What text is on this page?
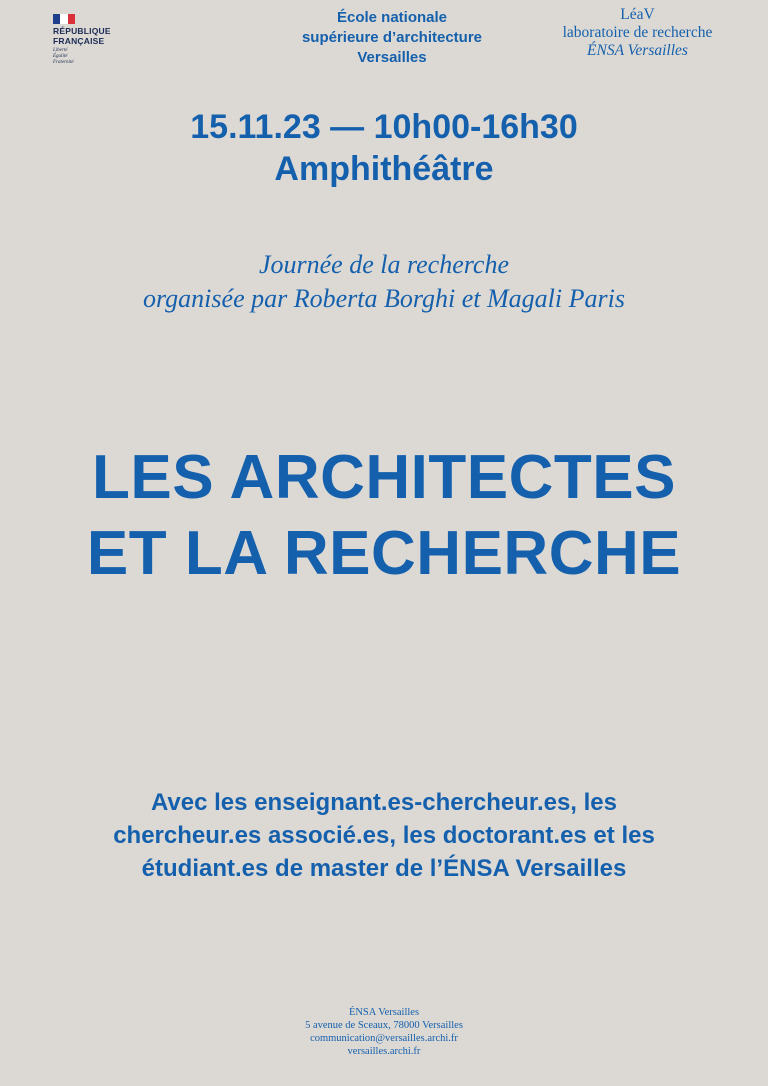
RÉPUBLIQUE
FRANÇAISE
Liberté
Égalité
Fraternité
École nationale
supérieure d’architecture
Versailles
LéaV
laboratoire de recherche
ÉNSA Versailles
15.11.23 — 10h00-16h30
Amphithéâtre
Journée de la recherche
organisée par Roberta Borghi et Magali Paris
LES ARCHITECTES
ET LA RECHERCHE
Avec les enseignant.es-chercheur.es, les
chercheur.es associé.es, les doctorant.es et les
étudiant.es de master de l’ÉNSA Versailles
ÉNSA Versailles
5 avenue de Sceaux, 78000 Versailles
communication@versailles.archi.fr
versailles.archi.fr
